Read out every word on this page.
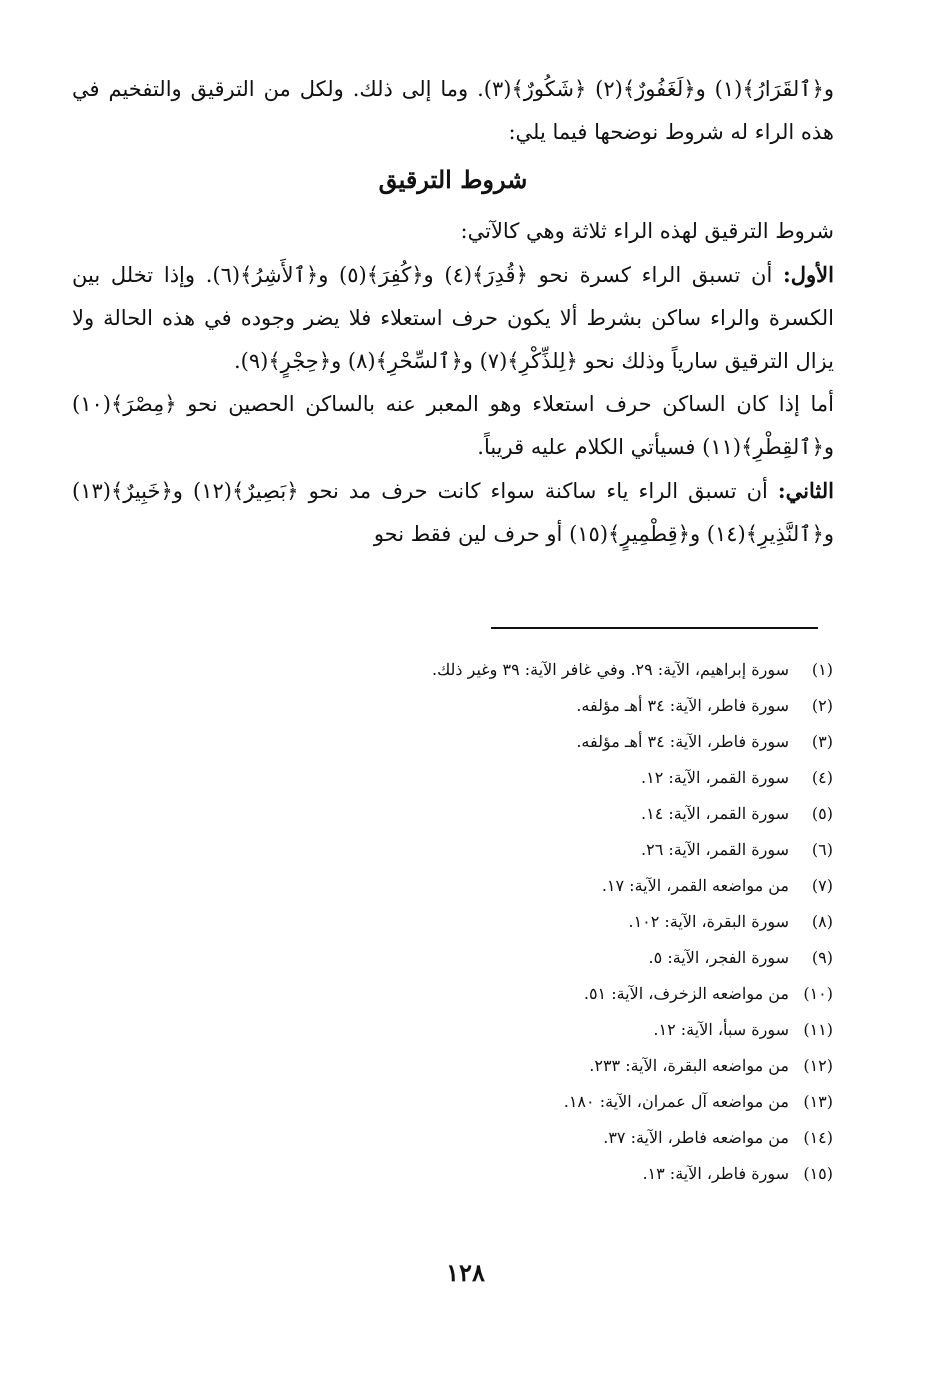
و﴿ٱلقَرَارُ﴾(١) و﴿لَغَفُورٌ﴾(٢) ﴿شَكُورٌ﴾(٣). وما إلى ذلك. ولكل من الترقيق والتفخيم في هذه الراء له شروط نوضحها فيما يلي:

شروط الترقيق

شروط الترقيق لهذه الراء ثلاثة وهي كالآتي:

الأول: أن تسبق الراء كسرة نحو ﴿قُدِرَ﴾(٤) و﴿كُفِرَ﴾(٥) و﴿ٱلأَشِرُ﴾(٦). وإذا تخلل بين الكسرة والراء ساكن بشرط ألا يكون حرف استعلاء فلا يضر وجوده في هذه الحالة ولا يزال الترقيق سارياً وذلك نحو ﴿لِلذِّكْرِ﴾(٧) و﴿ٱلسِّحْرِ﴾(٨) و﴿حِجْرٍ﴾(٩).

أما إذا كان الساكن حرف استعلاء وهو المعبر عنه بالساكن الحصين نحو ﴿مِصْرَ﴾(١٠) و﴿ٱلقِطْرِ﴾(١١) فسيأتي الكلام عليه قريباً.

الثاني: أن تسبق الراء ياء ساكنة سواء كانت حرف مد نحو ﴿بَصِيرٌ﴾(١٢) و﴿خَبِيرٌ﴾(١٣) و﴿ٱلنَّذِيرِ﴾(١٤) و﴿قِطْمِيرٍ﴾(١٥) أو حرف لين فقط نحو

(١)
سورة إبراهيم، الآية: ٢٩. وفي غافر الآية: ٣٩ وغير ذلك.
(٢)
سورة فاطر، الآية: ٣٤ أهـ مؤلفه.
(٣)
سورة فاطر، الآية: ٣٤ أهـ مؤلفه.
(٤)
سورة القمر، الآية: ١٢.
(٥)
سورة القمر، الآية: ١٤.
(٦)
سورة القمر، الآية: ٢٦.
(٧)
من مواضعه القمر، الآية: ١٧.
(٨)
سورة البقرة، الآية: ١٠٢.
(٩)
سورة الفجر، الآية: ٥.
(١٠)
من مواضعه الزخرف، الآية: ٥١.
(١١)
سورة سبأ، الآية: ١٢.
(١٢)
من مواضعه البقرة، الآية: ٢٣٣.
(١٣)
من مواضعه آل عمران، الآية: ١٨٠.
(١٤)
من مواضعه فاطر، الآية: ٣٧.
(١٥)
سورة فاطر، الآية: ١٣.
١٢٨
